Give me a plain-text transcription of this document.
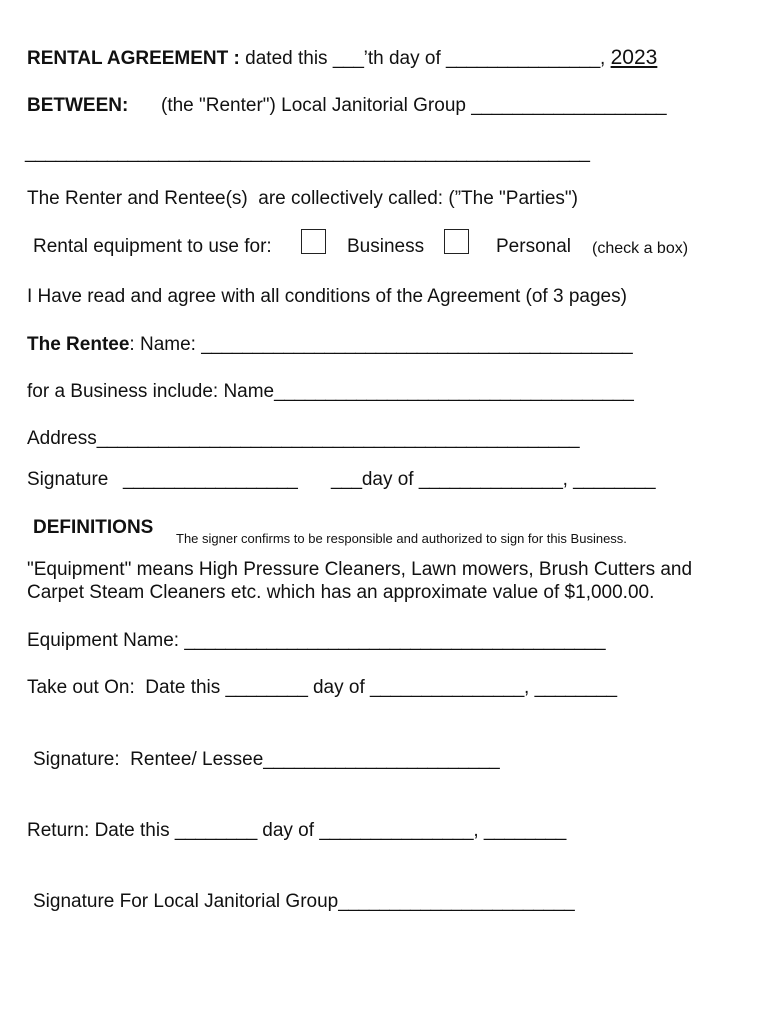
RENTAL AGREEMENT : dated this ___’th day of _______________, 2023
BETWEEN: (the "Renter") Local Janitorial Group ___________________
_______________________________________________________
The Renter and Rentee(s)  are collectively called: (”The "Parties")
Rental equipment to use for:	Business	Personal (check a box)
I Have read and agree with all conditions of the Agreement (of 3 pages)
The Rentee: Name: __________________________________________
for a Business include: Name___________________________________
Address_______________________________________________
Signature _________________ ___day of ______________, ________
DEFINITIONS
The signer confirms to be responsible and authorized to sign for this Business.
"Equipment" means High Pressure Cleaners, Lawn mowers, Brush Cutters and
Carpet Steam Cleaners etc. which has an approximate value of $1,000.00.
Equipment Name: _________________________________________
Take out On:  Date this ________ day of _______________, ________
Signature:  Rentee/ Lessee_______________________
Return: Date this ________ day of _______________, ________
Signature For Local Janitorial Group_______________________
